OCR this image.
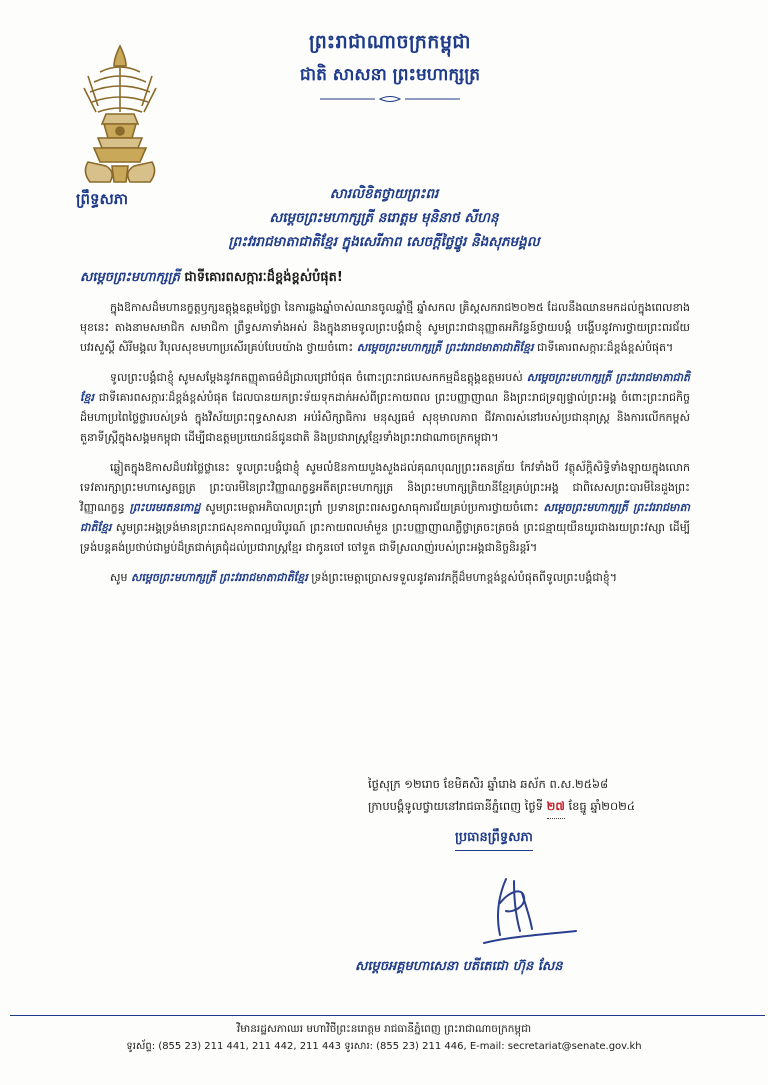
ព្រះរាជាណាចក្រកម្ពុជា
ជាតិ សាសនា ព្រះមហាក្សត្រ
ព្រឹទ្ធសភា	សារលិខិតថ្វាយព្រះពរ
សម្តេចព្រះមហាក្សត្រី នរោត្តម មុនិនាថ សីហនុ
ព្រះវររាជមាតាជាតិខ្មែរ ក្នុងសេរីភាព សេចក្តីថ្លៃថ្នូរ និងសុភមង្គល
សម្តេចព្រះមហាក្សត្រី ជាទីគោរពសក្ការៈដ៏ខ្ពង់ខ្ពស់បំផុត!

ក្នុងឱកាសដ៏មហានក្ខត្តឫក្សឧត្តុង្គឧត្តមថ្លៃថ្លា នៃការឆ្លងឆ្នាំចាស់ឈានចូលឆ្នាំថ្មី ឆ្នាំសកល គ្រិស្តសករាជ២០២៥ ដែលនឹងឈានមកដល់ក្នុងពេលខាងមុខនេះ តាងនាមសមាជិក សមាជិកា ព្រឹទ្ធសភាទាំងអស់ និងក្នុងនាមទូលព្រះបង្គំជាខ្ញុំ សូមព្រះរាជានុញ្ញាតអភិវន្ទន៍ថ្វាយបង្គំ បង្ហើបនូវការថ្វាយព្រះពរជ័យ បវរសួស្តី សិរីមង្គល វិបុលសុខមហាប្រសើរគ្រប់បែបយ៉ាង ថ្វាយចំពោះ សម្តេចព្រះមហាក្សត្រី ព្រះវររាជមាតាជាតិខ្មែរ ជាទីគោរពសក្ការៈដ៏ខ្ពង់ខ្ពស់បំផុត។

ទូលព្រះបង្គំជាខ្ញុំ សូមសម្តែងនូវកតញ្ញុតាធម៌ដ៏ជ្រាលជ្រៅបំផុត ចំពោះព្រះរាជបេសកកម្មដ៏ឧត្តុង្គឧត្តមរបស់ សម្តេចព្រះមហាក្សត្រី ព្រះវររាជមាតាជាតិខ្មែរ ជាទីគោរពសក្ការៈដ៏ខ្ពង់ខ្ពស់បំផុត ដែលបានយកព្រះទ័យទុកដាក់អស់ពីព្រះកាយពល ព្រះបញ្ញាញាណ និងព្រះរាជទ្រព្យផ្ទាល់ព្រះអង្គ ចំពោះព្រះរាជកិច្ចដ៏មហាប្រពៃថ្លៃថ្លារបស់ទ្រង់ ក្នុងវិស័យព្រះពុទ្ធសាសនា អប់រំសិក្សាធិការ មនុស្សធម៌ សុខុមាលភាព ជីវភាពរស់នៅរបស់ប្រជានុរាស្ត្រ និងការលើកកម្ពស់តួនាទីស្ត្រីក្នុងសង្គមកម្ពុជា ដើម្បីជាឧត្តមប្រយោជន៍ជូនជាតិ និងប្រជារាស្ត្រខ្មែរទាំងព្រះរាជាណាចក្រកម្ពុជា។

ឆ្លៀតក្នុងឱកាសដ៏បវរថ្លៃថ្លានេះ ទូលព្រះបង្គំជាខ្ញុំ សូមលំឱនកាយបួងសួងដល់គុណបុណ្យព្រះរតនត្រ័យ កែវទាំងបី វត្ថុស័ក្តិសិទ្ធិទាំងឡាយក្នុងលោក ទេវតារក្សាព្រះមហាស្វេតច្ឆត្រ ព្រះបារមីនៃព្រះវិញ្ញាណក្ខន្ធអតីតព្រះមហាក្សត្រ និងព្រះមហាក្សត្រិយានីខ្មែរគ្រប់ព្រះអង្គ ជាពិសេសព្រះបារមីនៃដួងព្រះវិញ្ញាណក្ខន្ធ ព្រះបរមរតនកោដ្ឋ សូមព្រះមេត្តាអភិបាលព្រះព្រាំ ប្រទានព្រះពរសព្វសាធុការជ័យគ្រប់ប្រការថ្វាយចំពោះ សម្តេចព្រះមហាក្សត្រី ព្រះវររាជមាតាជាតិខ្មែរ សូមព្រះអង្គទ្រង់មានព្រះរាជសុខភាពល្អបរិបូរណ៍ ព្រះកាយពលមាំមួន ព្រះបញ្ញាញាណភ្លឺថ្លាត្រចះត្រចង់ ព្រះជន្មាយុយឺនយូរជាងរយព្រះវស្សា ដើម្បីទ្រង់បន្តគង់ប្រថាប់ជាម្លប់ដ៏ត្រជាក់ត្រជុំដល់ប្រជារាស្ត្រខ្មែរ ជាកូនចៅ ចៅទួត ជាទីស្រលាញ់របស់ព្រះអង្គជានិច្ចនិរន្តរ៍។

សូម សម្តេចព្រះមហាក្សត្រី ព្រះវររាជមាតាជាតិខ្មែរ ទ្រង់ព្រះមេត្តាប្រោសទទួលនូវគារវភក្តីដ៏មហាខ្ពង់ខ្ពស់បំផុតពីទូលព្រះបង្គំជាខ្ញុំ។

ថ្ងៃសុក្រ ១២រោច ខែមិគសិរ ឆ្នាំរោង ឆស័ក ព.ស.២៥៦៨
ក្រាបបង្គំទូលថ្វាយនៅរាជធានីភ្នំពេញ ថ្ងៃទី ២៧ ខែធ្នូ ឆ្នាំ២០២៤
ប្រធានព្រឹទ្ធសភា
សម្តេចអគ្គមហាសេនា បតីតេជោ ហ៊ុន សែន
វិមានរដ្ឋសភាឈរ មហាវិថីព្រះនរោត្តម រាជធានីភ្នំពេញ ព្រះរាជាណាចក្រកម្ពុជា
ទូរស័ព្ទ: (855 23) 211 441, 211 442, 211 443 ទូរសារ: (855 23) 211 446, E-mail: secretariat@senate.gov.kh
